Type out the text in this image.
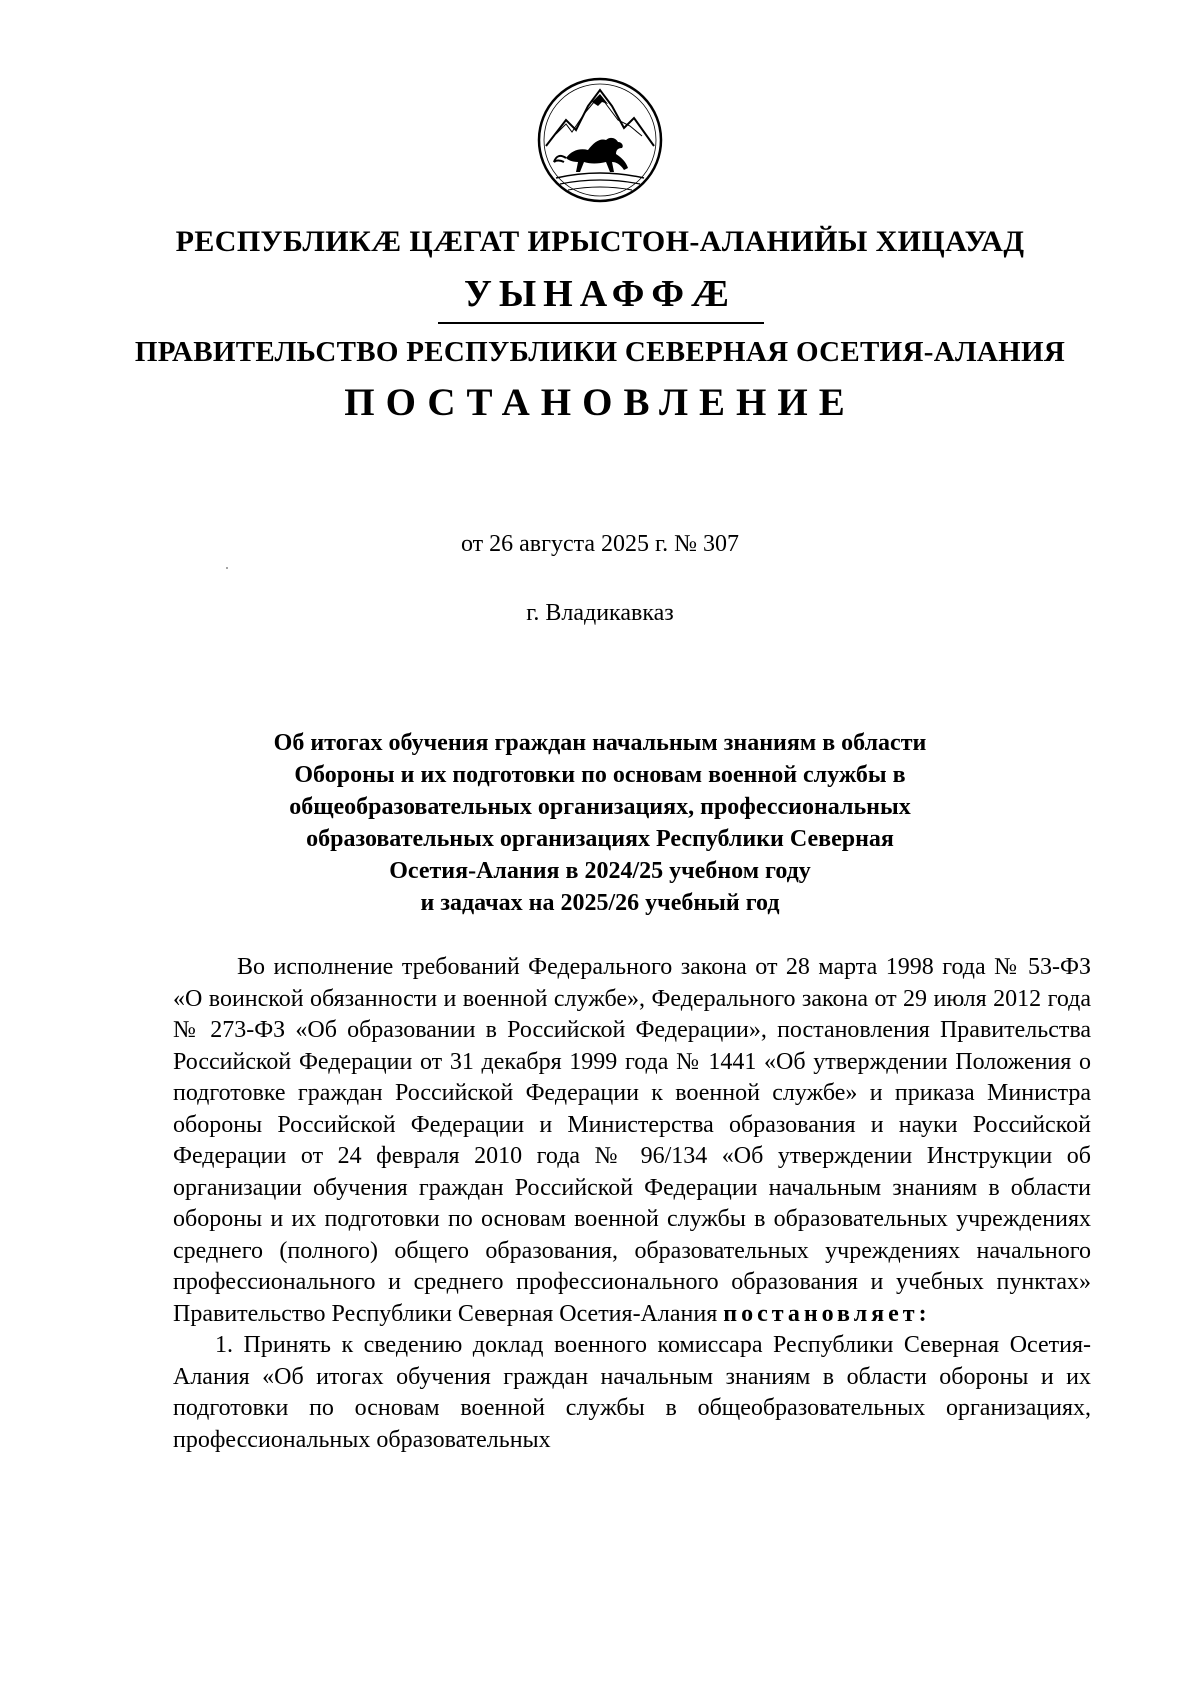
РЕСПУБЛИКӔ ЦӔГАТ ИРЫСТОН-АЛАНИЙЫ ХИЦАУАД
УЫНАФФӔ
ПРАВИТЕЛЬСТВО РЕСПУБЛИКИ СЕВЕРНАЯ ОСЕТИЯ-АЛАНИЯ
ПОСТАНОВЛЕНИЕ
от 26 августа 2025 г. № 307
г. Владикавказ
Об итогах обучения граждан начальным знаниям в области
Обороны и их подготовки по основам военной службы в
общеобразовательных организациях, профессиональных
образовательных организациях Республики Северная
Осетия-Алания в 2024/25 учебном году
и задачах на 2025/26 учебный год

Во исполнение требований Федерального закона от 28 марта 1998 года № 53-ФЗ «О воинской обязанности и военной службе», Федерального закона от 29 июля 2012 года № 273-ФЗ «Об образовании в Российской Федерации», постановления Правительства Российской Федерации от 31 декабря 1999 года № 1441 «Об утверждении Положения о подготовке граждан Российской Федерации к военной службе» и приказа Министра обороны Российской Федерации и Министерства образования и науки Российской Федерации от 24 февраля 2010 года № 96/134 «Об утверждении Инструкции об организации обучения граждан Российской Федерации начальным знаниям в области обороны и их подготовки по основам военной службы в образовательных учреждениях среднего (полного) общего образования, образовательных учреждениях начального профессионального и среднего профессионального образования и учебных пунктах» Правительство Республики Северная Осетия-Алания постановляет:

1. Принять к сведению доклад военного комиссара Республики Северная Осетия-Алания «Об итогах обучения граждан начальным знаниям в области обороны и их подготовки по основам военной службы в общеобразовательных организациях, профессиональных образовательных
